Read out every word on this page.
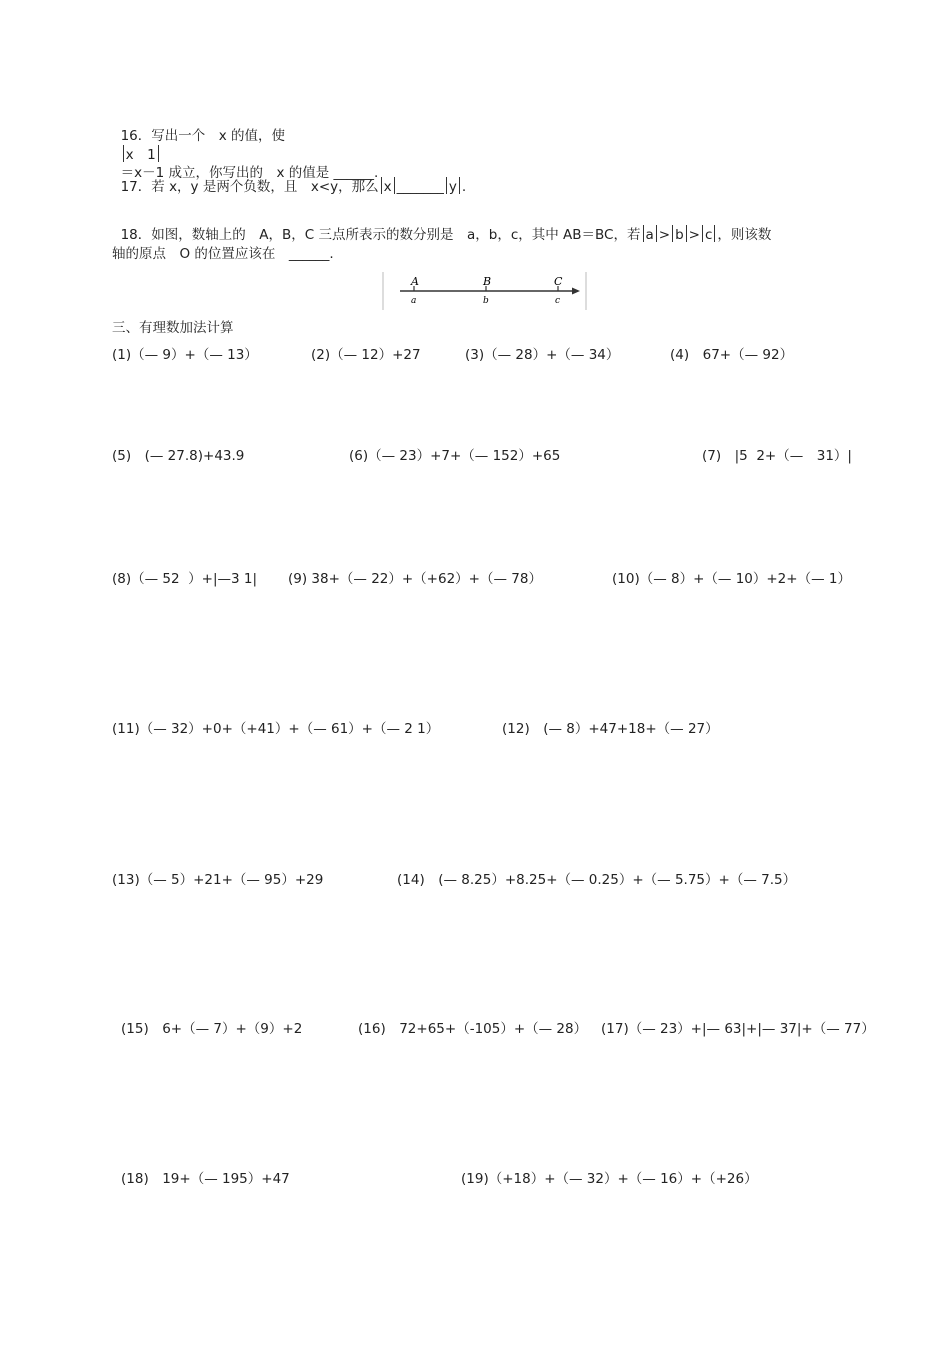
16．写出一个　x 的值，使
x　1
＝x－1 成立，你写出的　x 的值是 ______.

17．若 x，y 是两个负数，且　x<y，那么 x _______ y .

18．如图，数轴上的　A，B，C 三点所表示的数分别是　a，b，c，其中 AB＝BC，若 a > b > c ，则该数

轴的原点　O 的位置应该在　______.
A	B	C
a	b	c
三、有理数加法计算
(1)（— 9）+（— 13）	(2)（— 12）+27	(3)（— 28）+（— 34）	(4)　67+（— 92）
(5)　(— 27.8)+43.9	(6)（— 23）+7+（— 152）+65	(7)　|5  2+（—　31）|
(8)（— 52  ）+|—3 1| (9) 38+（— 22）+（+62）+（— 78）	(10)（— 8）+（— 10）+2+（— 1）
(11)（— 32）+0+（+41）+（— 61）+（— 2 1）	(12)　(— 8）+47+18+（— 27）
(13)（— 5）+21+（— 95）+29	(14)　(— 8.25）+8.25+（— 0.25）+（— 5.75）+（— 7.5）
(15)　6+（— 7）+（9）+2	(16)　72+65+（-105）+（— 28） (17)（— 23）+|— 63|+|— 37|+（— 77）
(18)　19+（— 195）+47	(19)（+18）+（— 32）+（— 16）+（+26）
